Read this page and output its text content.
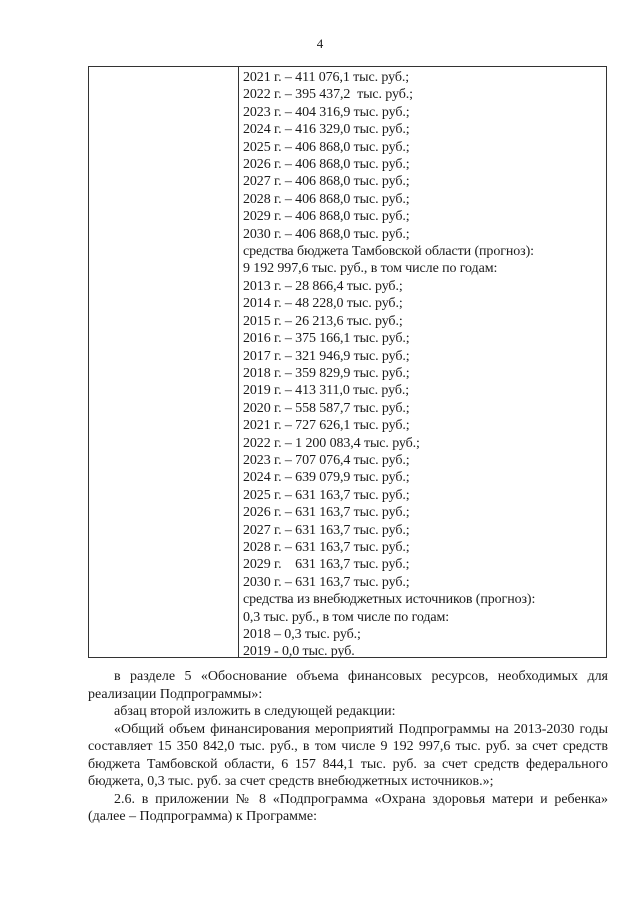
4
2021 г. – 411 076,1 тыс. руб.;
2022 г. – 395 437,2  тыс. руб.;
2023 г. – 404 316,9 тыс. руб.;
2024 г. – 416 329,0 тыс. руб.;
2025 г. – 406 868,0 тыс. руб.;
2026 г. – 406 868,0 тыс. руб.;
2027 г. – 406 868,0 тыс. руб.;
2028 г. – 406 868,0 тыс. руб.;
2029 г. – 406 868,0 тыс. руб.;
2030 г. – 406 868,0 тыс. руб.;
средства бюджета Тамбовской области (прогноз):
9 192 997,6 тыс. руб., в том числе по годам:
2013 г. – 28 866,4 тыс. руб.;
2014 г. – 48 228,0 тыс. руб.;
2015 г. – 26 213,6 тыс. руб.;
2016 г. – 375 166,1 тыс. руб.;
2017 г. – 321 946,9 тыс. руб.;
2018 г. – 359 829,9 тыс. руб.;
2019 г. – 413 311,0 тыс. руб.;
2020 г. – 558 587,7 тыс. руб.;
2021 г. – 727 626,1 тыс. руб.;
2022 г. – 1 200 083,4 тыс. руб.;
2023 г. – 707 076,4 тыс. руб.;
2024 г. – 639 079,9 тыс. руб.;
2025 г. – 631 163,7 тыс. руб.;
2026 г. – 631 163,7 тыс. руб.;
2027 г. – 631 163,7 тыс. руб.;
2028 г. – 631 163,7 тыс. руб.;
2029 г.    631 163,7 тыс. руб.;
2030 г. – 631 163,7 тыс. руб.;
средства из внебюджетных источников (прогноз):
0,3 тыс. руб., в том числе по годам:
2018 – 0,3 тыс. руб.;
2019 - 0,0 тыс. руб.

в разделе 5 «Обоснование объема финансовых ресурсов, необходимых для реализации Подпрограммы»:

абзац второй изложить в следующей редакции:

«Общий объем финансирования мероприятий Подпрограммы на 2013-2030 годы составляет 15 350 842,0 тыс. руб., в том числе 9 192 997,6 тыс. руб. за счет средств бюджета Тамбовской области, 6 157 844,1 тыс. руб. за счет средств федерального бюджета, 0,3 тыс. руб. за счет средств внебюджетных источников.»;

2.6. в приложении № 8 «Подпрограмма «Охрана здоровья матери и ребенка» (далее – Подпрограмма) к Программе:
